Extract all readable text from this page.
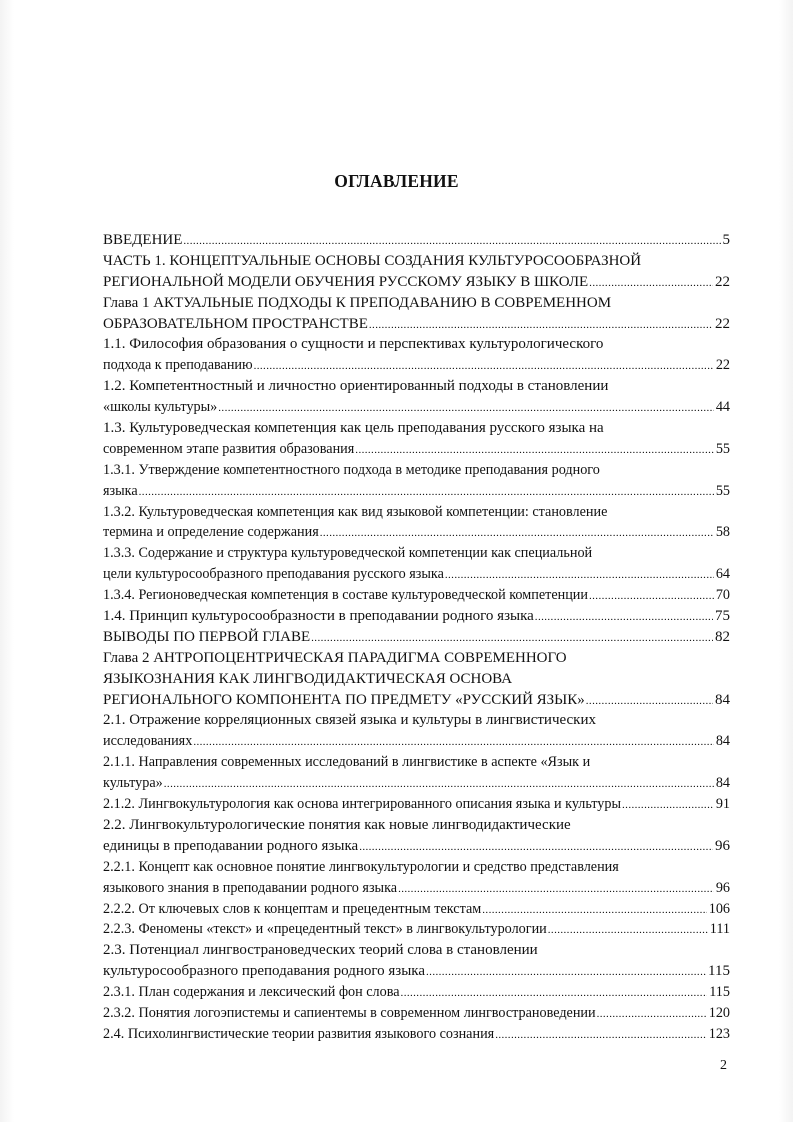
ОГЛАВЛЕНИЕ
ВВЕДЕНИЕ .....	5
ЧАСТЬ 1. КОНЦЕПТУАЛЬНЫЕ ОСНОВЫ СОЗДАНИЯ КУЛЬТУРОСООБРАЗНОЙ
РЕГИОНАЛЬНОЙ МОДЕЛИ ОБУЧЕНИЯ РУССКОМУ ЯЗЫКУ В ШКОЛЕ .....	22
Глава 1 АКТУАЛЬНЫЕ ПОДХОДЫ К ПРЕПОДАВАНИЮ В СОВРЕМЕННОМ
ОБРАЗОВАТЕЛЬНОМ ПРОСТРАНСТВЕ .....	22
1.1. Философия образования о сущности и перспективах культурологического
подхода к преподаванию .....	22
1.2. Компетентностный и личностно ориентированный подходы в становлении
«школы культуры» .....	44
1.3. Культуроведческая компетенция как цель преподавания русского языка на
современном этапе развития образования .....	55
1.3.1. Утверждение компетентностного подхода в методике преподавания родного
языка .....	55
1.3.2. Культуроведческая компетенция как вид языковой компетенции: становление
термина и определение содержания .....	58
1.3.3. Содержание и структура культуроведческой компетенции как специальной
цели культуросообразного преподавания русского языка .....	64
1.3.4. Регионоведческая компетенция в составе культуроведческой компетенции .....	70
1.4. Принцип культуросообразности в преподавании родного языка .....	75
ВЫВОДЫ ПО ПЕРВОЙ ГЛАВЕ .....	82
Глава 2 АНТРОПОЦЕНТРИЧЕСКАЯ ПАРАДИГМА СОВРЕМЕННОГО
ЯЗЫКОЗНАНИЯ КАК ЛИНГВОДИДАКТИЧЕСКАЯ ОСНОВА
РЕГИОНАЛЬНОГО КОМПОНЕНТА ПО ПРЕДМЕТУ «РУССКИЙ ЯЗЫК» .....	84
2.1. Отражение корреляционных связей языка и культуры в лингвистических
исследованиях .....	84
2.1.1. Направления современных исследований в лингвистике в аспекте «Язык и
культура» .....	84
2.1.2. Лингвокультурология как основа интегрированного описания языка и культуры .....	91
2.2. Лингвокультурологические понятия как новые лингводидактические
единицы в преподавании родного языка .....	96
2.2.1. Концепт как основное понятие лингвокультурологии и средство представления
языкового знания в преподавании родного языка .....	96
2.2.2. От ключевых слов к концептам и прецедентным текстам .....	106
2.2.3. Феномены «текст» и «прецедентный текст» в лингвокультурологии .....	111
2.3. Потенциал лингвострановедческих теорий слова в становлении
культуросообразного преподавания родного языка .....	115
2.3.1. План содержания и лексический фон слова .....	115
2.3.2. Понятия логоэпистемы и сапиентемы в современном лингвострановедении .....	120
2.4. Психолингвистические теории развития языкового сознания .....	123
2
